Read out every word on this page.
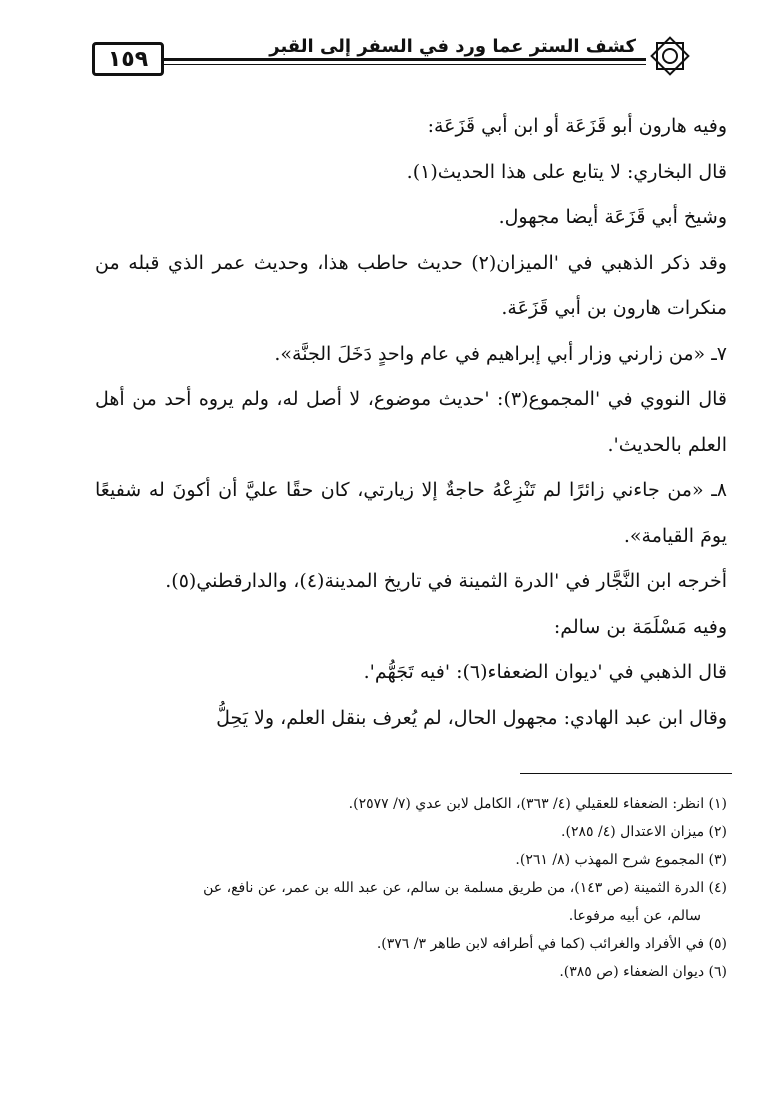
١٥٩	كشف الستر عما ورد في السفر إلى القبر

وفيه هارون أبو قَزَعَة أو ابن أبي قَزَعَة:

قال البخاري: لا يتابع على هذا الحديث(١).

وشيخ أبي قَزَعَة أيضا مجهول.

وقد ذكر الذهبي في 'الميزان(٢) حديث حاطب هذا، وحديث عمر الذي قبله من منكرات هارون بن أبي قَزَعَة.

٧ـ «من زارني وزار أبي إبراهيم في عام واحدٍ دَخَلَ الجنَّة».

قال النووي في 'المجموع(٣): 'حديث موضوع، لا أصل له، ولم يروه أحد من أهل العلم بالحديث'.

٨ـ «من جاءني زائرًا لم تَنْزِعْهُ حاجةٌ إلا زيارتي، كان حقًا عليَّ أن أكونَ له شفيعًا يومَ القيامة».

أخرجه ابن النَّجَّار في 'الدرة الثمينة في تاريخ المدينة(٤)، والدارقطني(٥).

وفيه مَسْلَمَة بن سالم:

قال الذهبي في 'ديوان الضعفاء(٦): 'فيه تَجَهُّم'.

وقال ابن عبد الهادي: مجهول الحال، لم يُعرف بنقل العلم، ولا يَحِلُّ

(١) انظر: الضعفاء للعقيلي (٤/ ٣٦٣)، الكامل لابن عدي (٧/ ٢٥٧٧).

(٢) ميزان الاعتدال (٤/ ٢٨٥).

(٣) المجموع شرح المهذب (٨/ ٢٦١).

(٤) الدرة الثمينة (ص ١٤٣)، من طريق مسلمة بن سالم، عن عبد الله بن عمر، عن نافع، عن

سالم، عن أبيه مرفوعا.

(٥) في الأفراد والغرائب (كما في أطرافه لابن طاهر ٣/ ٣٧٦).

(٦) ديوان الضعفاء (ص ٣٨٥).
